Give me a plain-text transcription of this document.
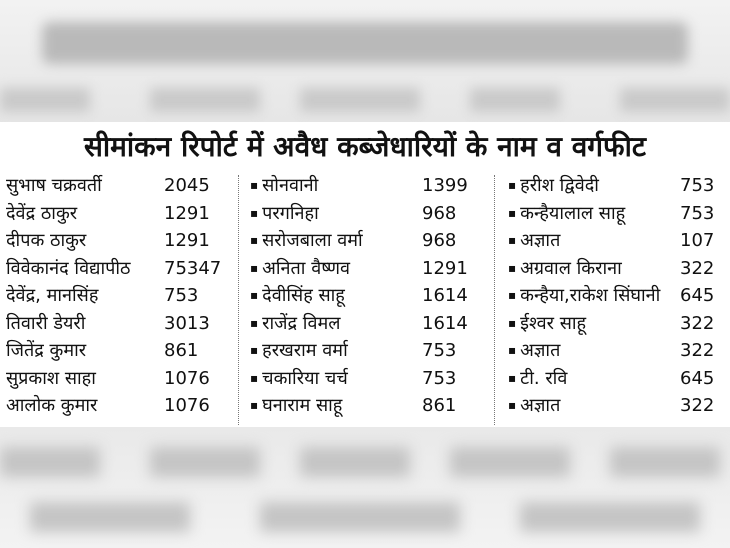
सीमांकन रिपोर्ट में अवैध कब्जेधारियों के नाम व वर्गफीट
सुभाष चक्रवर्ती	2045
देवेंद्र ठाकुर	1291
दीपक ठाकुर	1291
विवेकानंद विद्यापीठ 75347
देवेंद्र, मानसिंह	753
तिवारी डेयरी	3013
जितेंद्र कुमार	861
सुप्रकाश साहा	1076
आलोक कुमार	1076
▪ सोनवानी	1399
▪ परगनिहा	968
▪ सरोजबाला वर्मा	968
▪ अनिता वैष्णव	1291
▪ देवीसिंह साहू	1614
▪ राजेंद्र विमल	1614
▪ हरखराम वर्मा	753
▪ चकारिया चर्च	753
▪ घनाराम साहू	861
▪ हरीश द्विवेदी	753
▪ कन्हैयालाल साहू	753
▪ अज्ञात	107
▪ अग्रवाल किराना	322
▪ कन्हैया,राकेश सिंघानी 645
▪ ईश्वर साहू	322
▪ अज्ञात	322
▪ टी. रवि	645
▪ अज्ञात	322
